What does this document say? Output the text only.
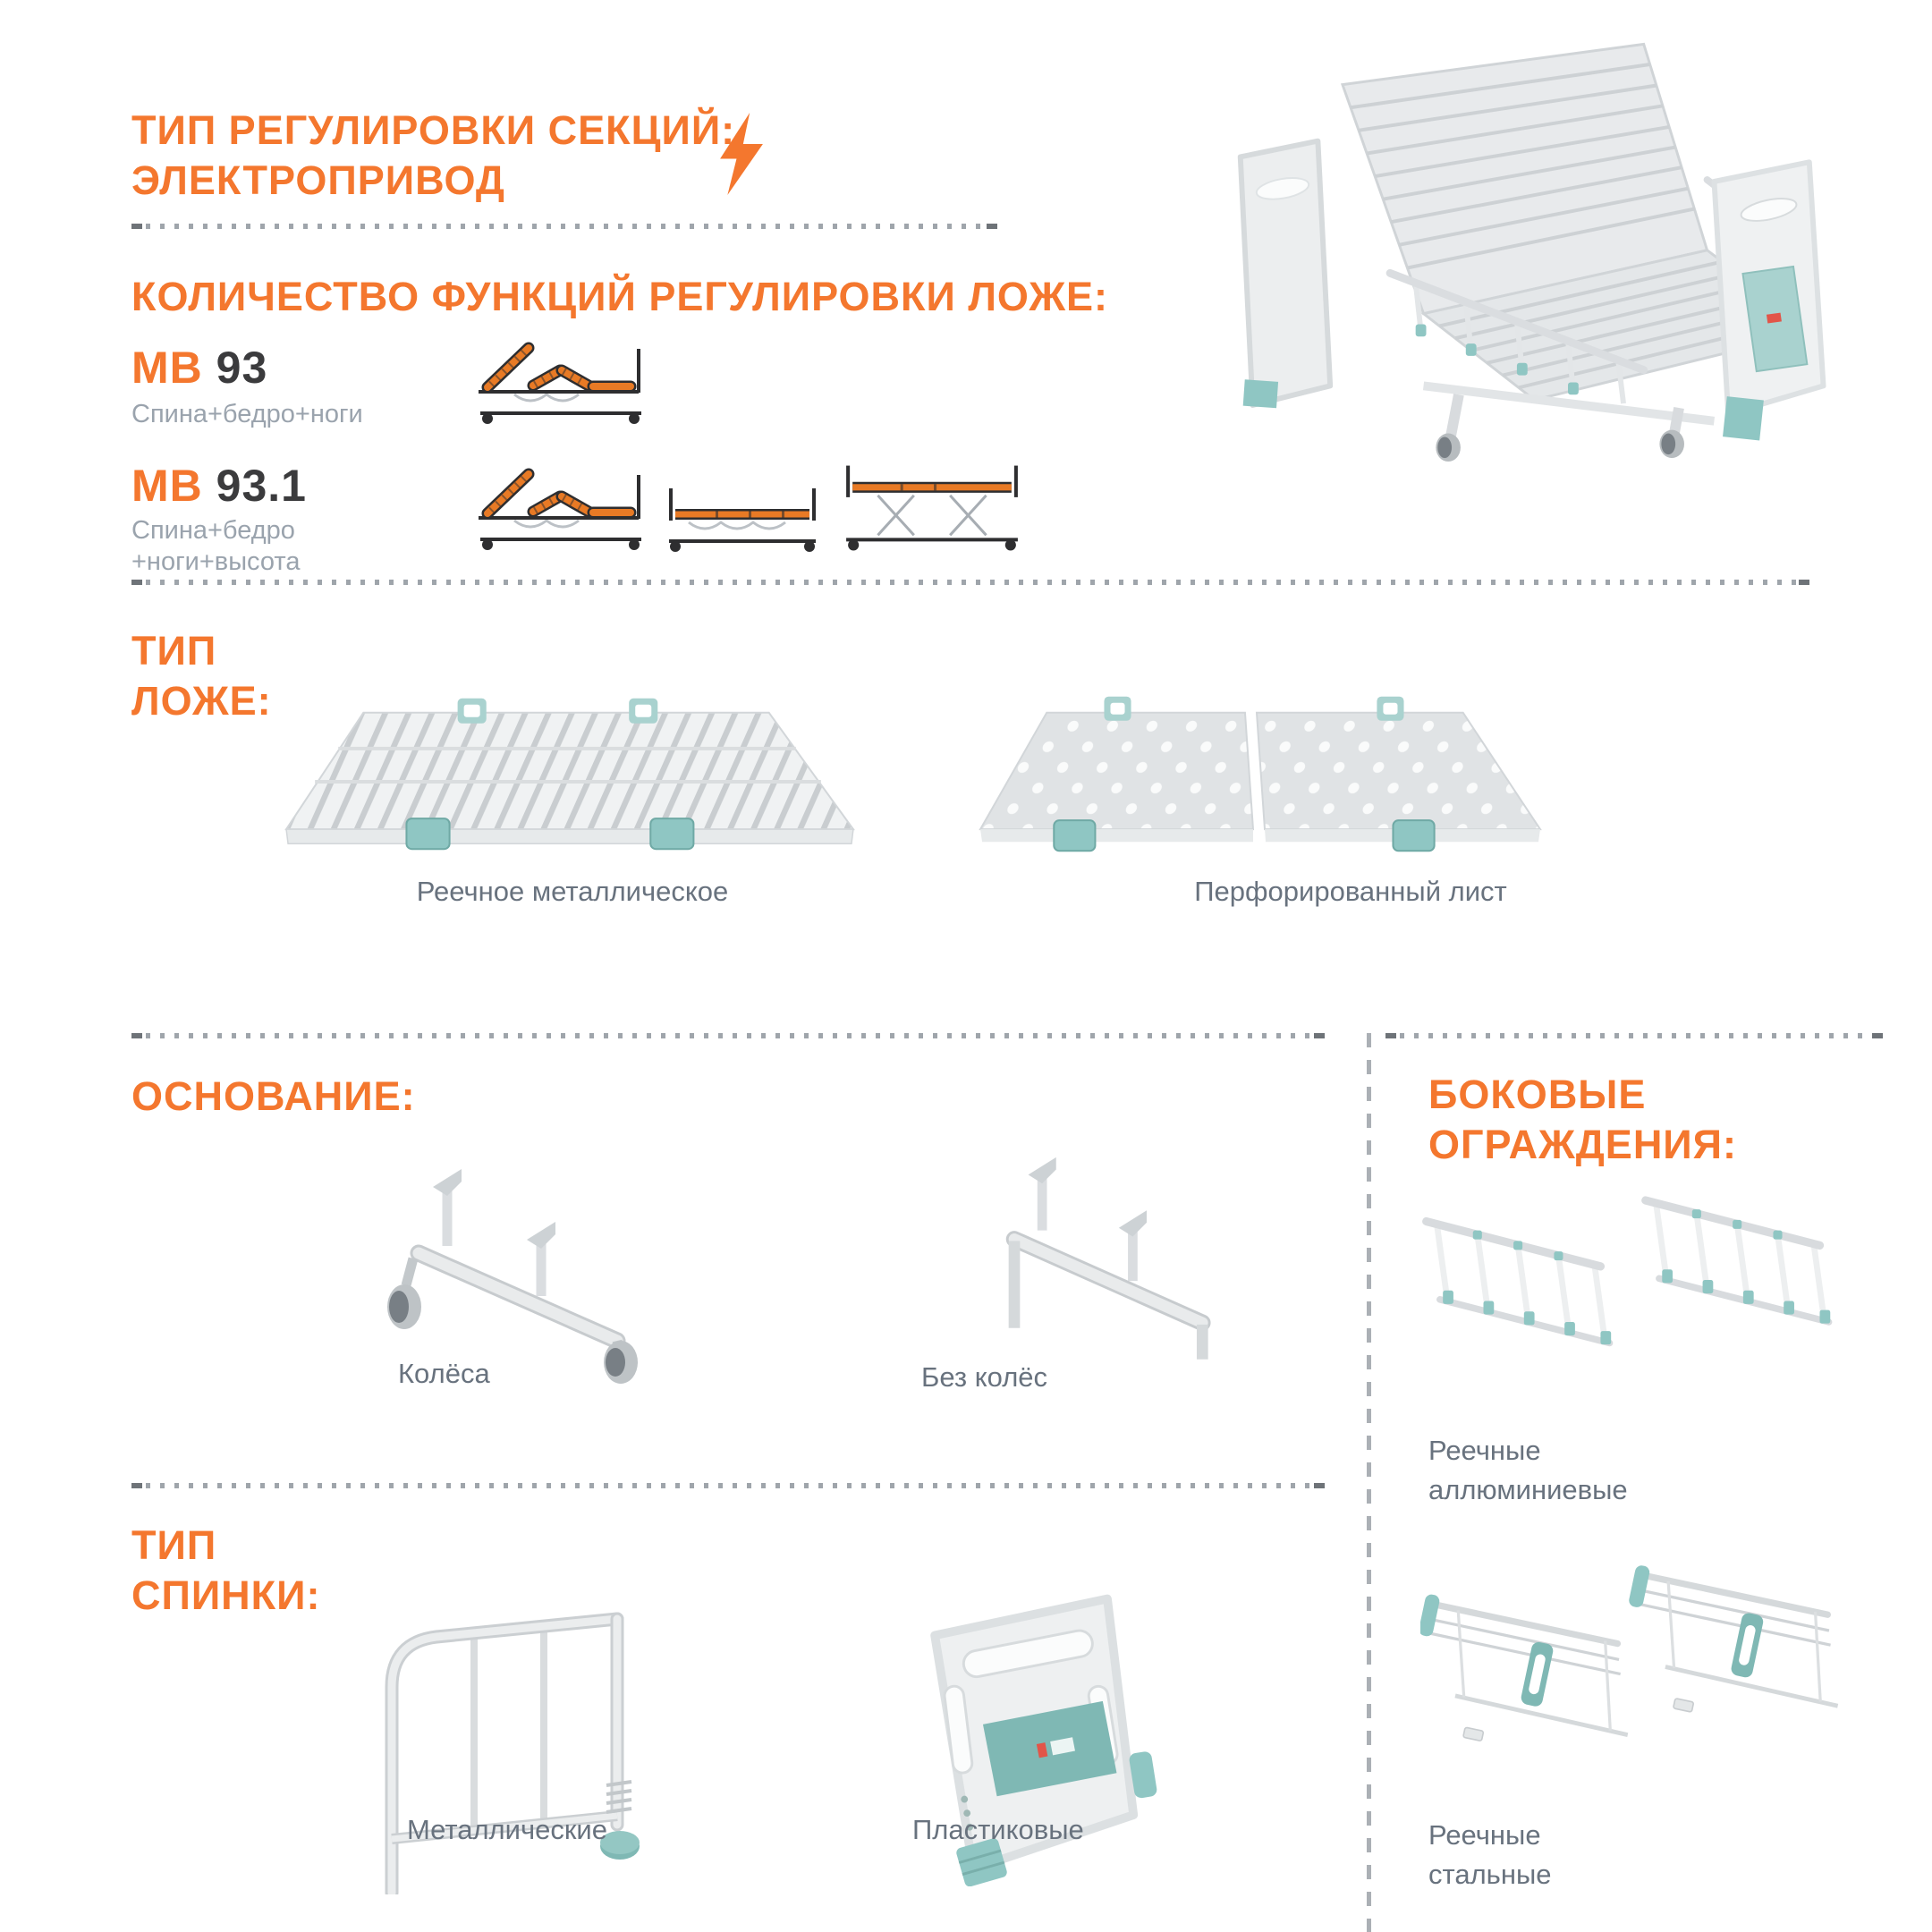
ТИП РЕГУЛИРОВКИ СЕКЦИЙ:
ЭЛЕКТРОПРИВОД
КОЛИЧЕСТВО ФУНКЦИЙ РЕГУЛИРОВКИ ЛОЖЕ:
МВ 93
Спина+бедро+ноги
МВ 93.1
Спина+бедро
+ноги+высота
ТИП
ЛОЖЕ:
Реечное металлическое	Перфорированный лист
ОСНОВАНИЕ:
Колёса	Без колёс
ТИП
СПИНКИ:
Металлические	Пластиковые
БОКОВЫЕ
ОГРАЖДЕНИЯ:
Реечные
аллюминиевые
Реечные
стальные
